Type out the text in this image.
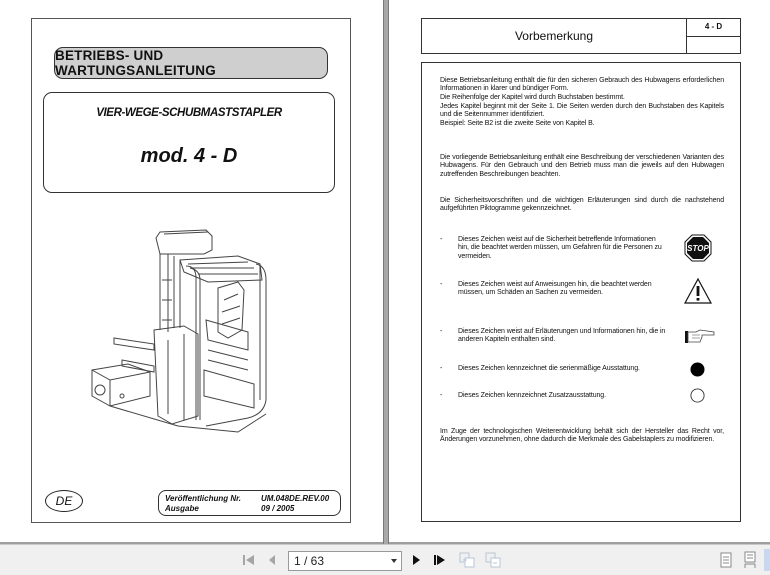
BETRIEBS- UND WARTUNGSANLEITUNG
VIER-WEGE-SCHUBMASTSTAPLER
mod. 4 - D
DE	Veröffentlichung Nr.	UM.048DE.REV.00
Ausgabe	09 / 2005
Vorbemerkung
4 - D
Diese Betriebsanleitung enthält die für den sicheren Gebrauch des Hubwagens erforderlichen Informationen in klarer und bündiger Form.
Die Reihenfolge der Kapitel wird durch Buchstaben bestimmt.
Jedes Kapitel beginnt mit der Seite 1. Die Seiten werden durch den Buchstaben des Kapitels und die Seitennummer identifiziert.
Beispiel: Seite B2 ist die zweite Seite von Kapitel B.
Die vorliegende Betriebsanleitung enthält eine Beschreibung der verschiedenen Varianten des Hubwagens. Für den Gebrauch und den Betrieb muss man die jeweils auf den Hubwagen zutreffenden Beschreibungen beachten.
Die Sicherheitsvorschriften und die wichtigen Erläuterungen sind durch die nachstehend aufgeführten Piktogramme gekennzeichnet.
- Dieses Zeichen weist auf die Sicherheit betreffende Informationen hin, die beachtet werden müssen, um Gefahren für die Personen zu vermeiden.
STOP
- Dieses Zeichen weist auf Anweisungen hin, die beachtet werden müssen, um Schäden an Sachen zu vermeiden.
- Dieses Zeichen weist auf Erläuterungen und Informationen hin, die in anderen Kapiteln enthalten sind.
- Dieses Zeichen kennzeichnet die serienmäßige Ausstattung.
- Dieses Zeichen kennzeichnet Zusatzausstattung.
Im Zuge der technologischen Weiterentwicklung behält sich der Hersteller das Recht vor, Änderungen vorzunehmen, ohne dadurch die Merkmale des Gabelstaplers zu modifizieren.
1 / 63
